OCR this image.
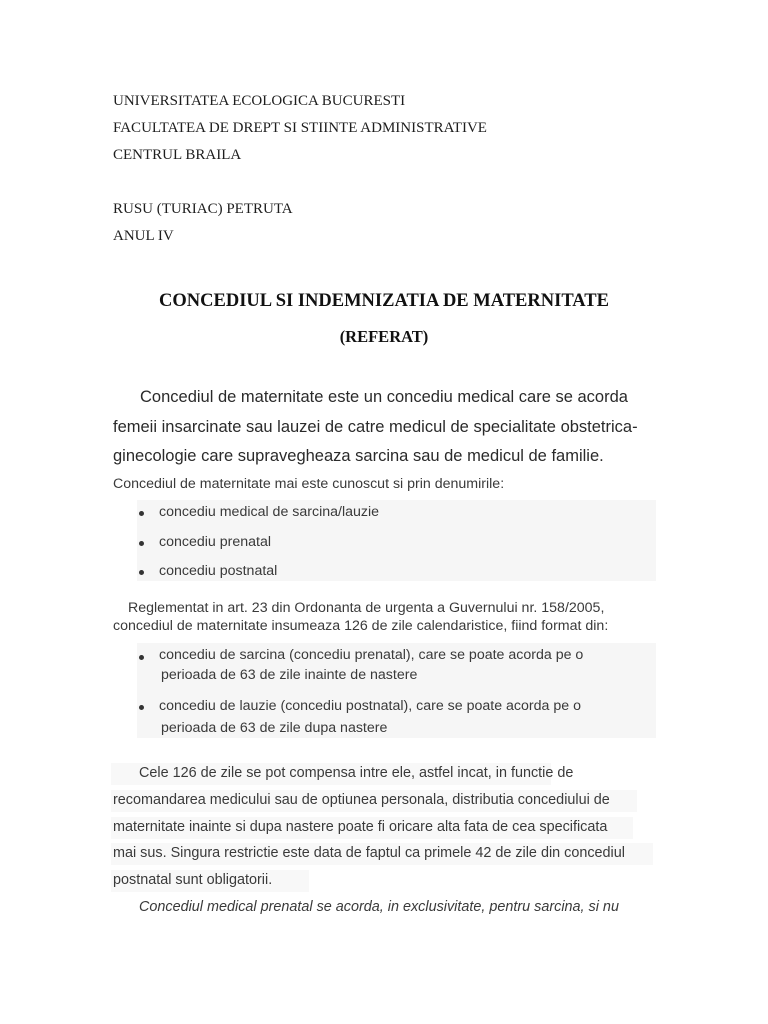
UNIVERSITATEA ECOLOGICA BUCURESTI
FACULTATEA DE DREPT SI STIINTE ADMINISTRATIVE
CENTRUL BRAILA
RUSU (TURIAC) PETRUTA
ANUL IV
CONCEDIUL SI INDEMNIZATIA DE MATERNITATE
(REFERAT)
Concediul de maternitate este un concediu medical care se acorda
femeii insarcinate sau lauzei de catre medicul de specialitate obstetrica-
ginecologie care supravegheaza sarcina sau de medicul de familie.
Concediul de maternitate mai este cunoscut si prin denumirile:
concediu medical de sarcina/lauzie
concediu prenatal
concediu postnatal
Reglementat in art. 23 din Ordonanta de urgenta a Guvernului nr. 158/2005,
concediul de maternitate insumeaza 126 de zile calendaristice, fiind format din:
concediu de sarcina (concediu prenatal), care se poate acorda pe o
perioada de 63 de zile inainte de nastere
concediu de lauzie (concediu postnatal), care se poate acorda pe o
perioada de 63 de zile dupa nastere
Cele 126 de zile se pot compensa intre ele, astfel incat, in functie de
recomandarea medicului sau de optiunea personala, distributia concediului de
maternitate inainte si dupa nastere poate fi oricare alta fata de cea specificata
mai sus. Singura restrictie este data de faptul ca primele 42 de zile din concediul
postnatal sunt obligatorii.
Concediul medical prenatal se acorda, in exclusivitate, pentru sarcina, si nu
